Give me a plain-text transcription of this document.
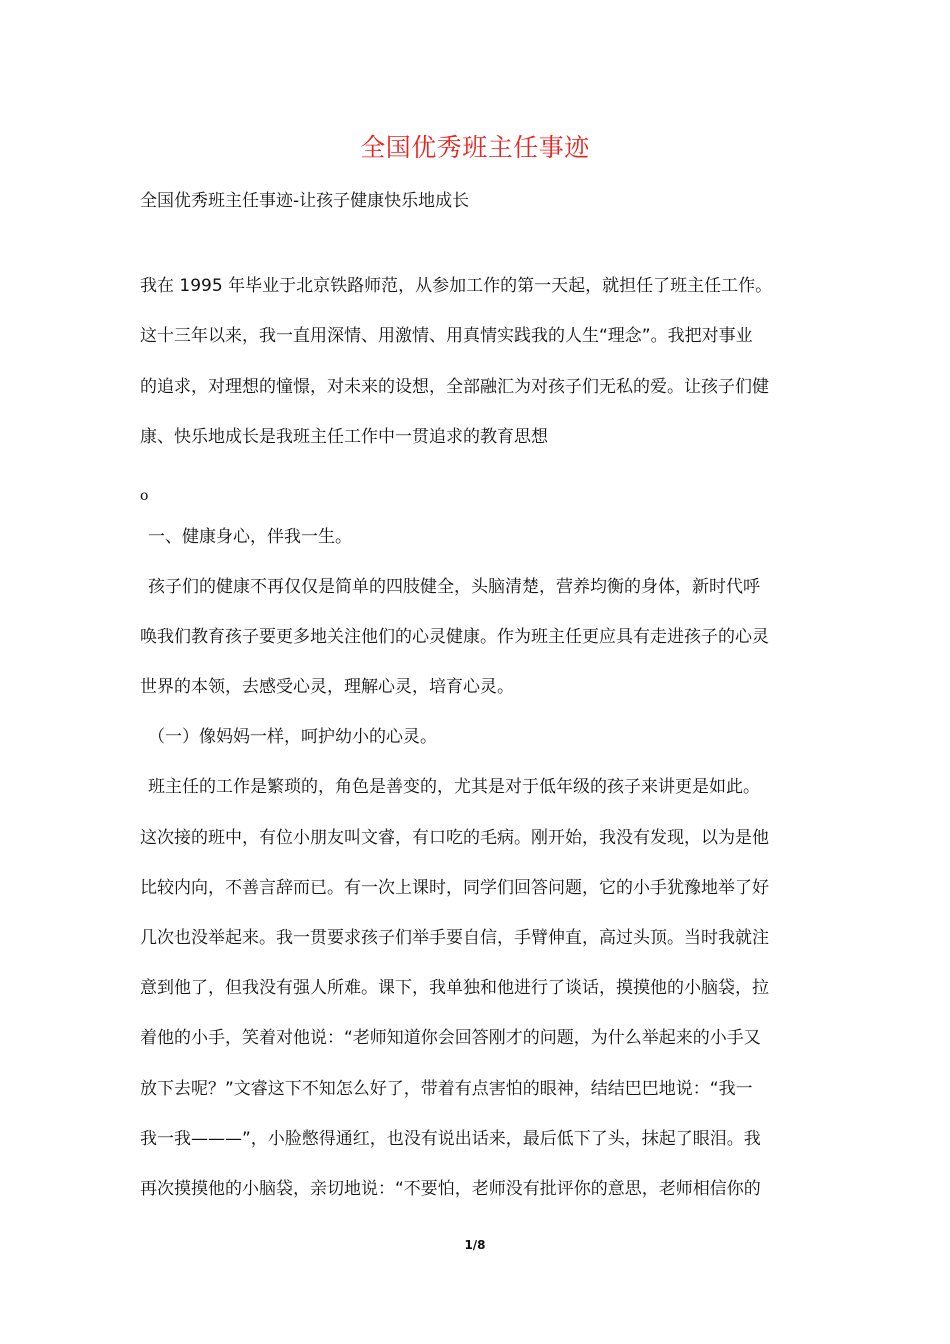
全国优秀班主任事迹
全国优秀班主任事迹-让孩子健康快乐地成长
我在 1995 年毕业于北京铁路师范，从参加工作的第一天起，就担任了班主任工作。
这十三年以来，我一直用深情、用激情、用真情实践我的人生“理念”。我把对事业
的追求，对理想的憧憬，对未来的设想，全部融汇为对孩子们无私的爱。让孩子们健
康、快乐地成长是我班主任工作中一贯追求的教育思想
o
一、健康身心，伴我一生。
孩子们的健康不再仅仅是简单的四肢健全，头脑清楚，营养均衡的身体，新时代呼
唤我们教育孩子要更多地关注他们的心灵健康。作为班主任更应具有走进孩子的心灵
世界的本领，去感受心灵，理解心灵，培育心灵。
（一）像妈妈一样，呵护幼小的心灵。
班主任的工作是繁琐的，角色是善变的，尤其是对于低年级的孩子来讲更是如此。
这次接的班中，有位小朋友叫文睿，有口吃的毛病。刚开始，我没有发现，以为是他
比较内向，不善言辞而已。有一次上课时，同学们回答问题，它的小手犹豫地举了好
几次也没举起来。我一贯要求孩子们举手要自信，手臂伸直，高过头顶。当时我就注
意到他了，但我没有强人所难。课下，我单独和他进行了谈话，摸摸他的小脑袋，拉
着他的小手，笑着对他说：“老师知道你会回答刚才的问题，为什么举起来的小手又
放下去呢？”文睿这下不知怎么好了，带着有点害怕的眼神，结结巴巴地说：“我一
我一我———”，小脸憋得通红，也没有说出话来，最后低下了头，抹起了眼泪。我
再次摸摸他的小脑袋，亲切地说：“不要怕，老师没有批评你的意思，老师相信你的
1/8
